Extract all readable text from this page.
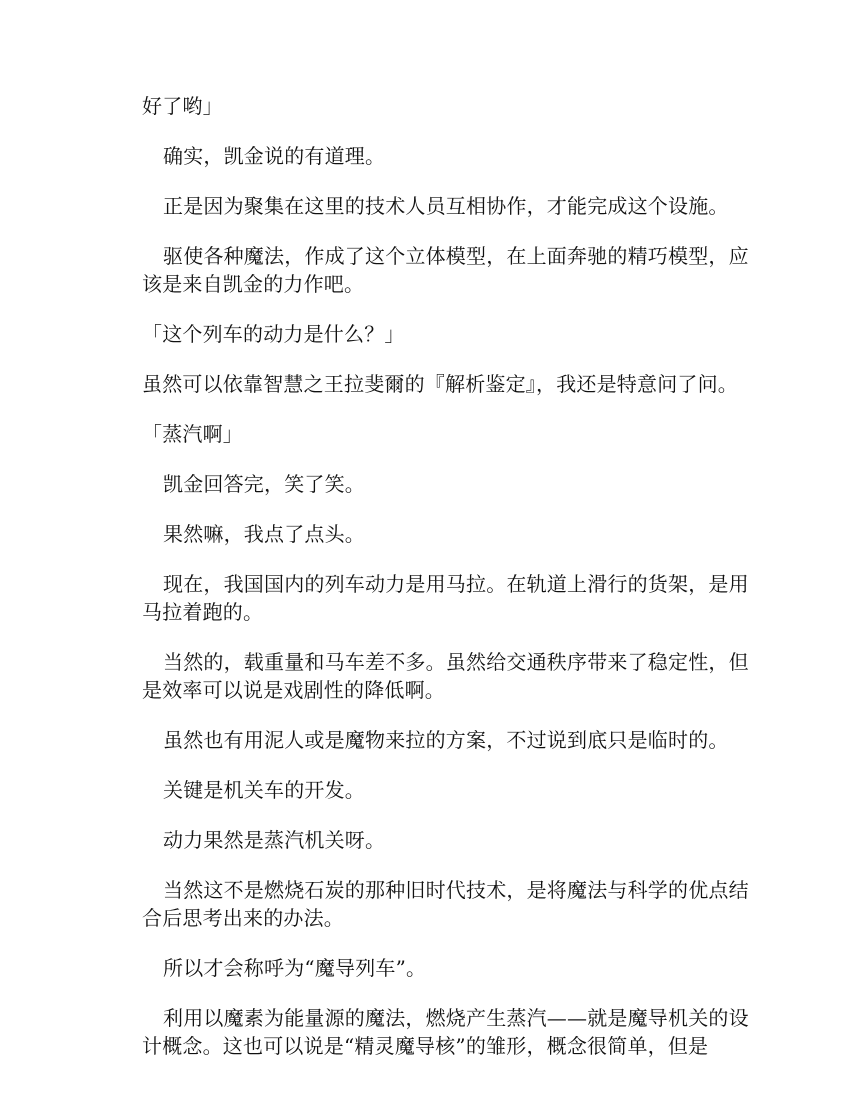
好了哟」

确实，凯金说的有道理。

正是因为聚集在这里的技术人员互相协作，才能完成这个设施。

驱使各种魔法，作成了这个立体模型，在上面奔驰的精巧模型，应该是来自凯金的力作吧。

「这个列车的动力是什么？」

虽然可以依靠智慧之王拉斐爾的『解析鉴定』，我还是特意问了问。

「蒸汽啊」

凯金回答完，笑了笑。

果然嘛，我点了点头。

现在，我国国内的列车动力是用马拉。在轨道上滑行的货架，是用马拉着跑的。

当然的，载重量和马车差不多。虽然给交通秩序带来了稳定性，但是效率可以说是戏剧性的降低啊。

虽然也有用泥人或是魔物来拉的方案，不过说到底只是临时的。

关键是机关车的开发。

动力果然是蒸汽机关呀。

当然这不是燃烧石炭的那种旧时代技术，是将魔法与科学的优点结合后思考出来的办法。

所以才会称呼为“魔导列车”。

利用以魔素为能量源的魔法，燃烧产生蒸汽——就是魔导机关的设计概念。这也可以说是“精灵魔导核”的雏形，概念很简单，但是
